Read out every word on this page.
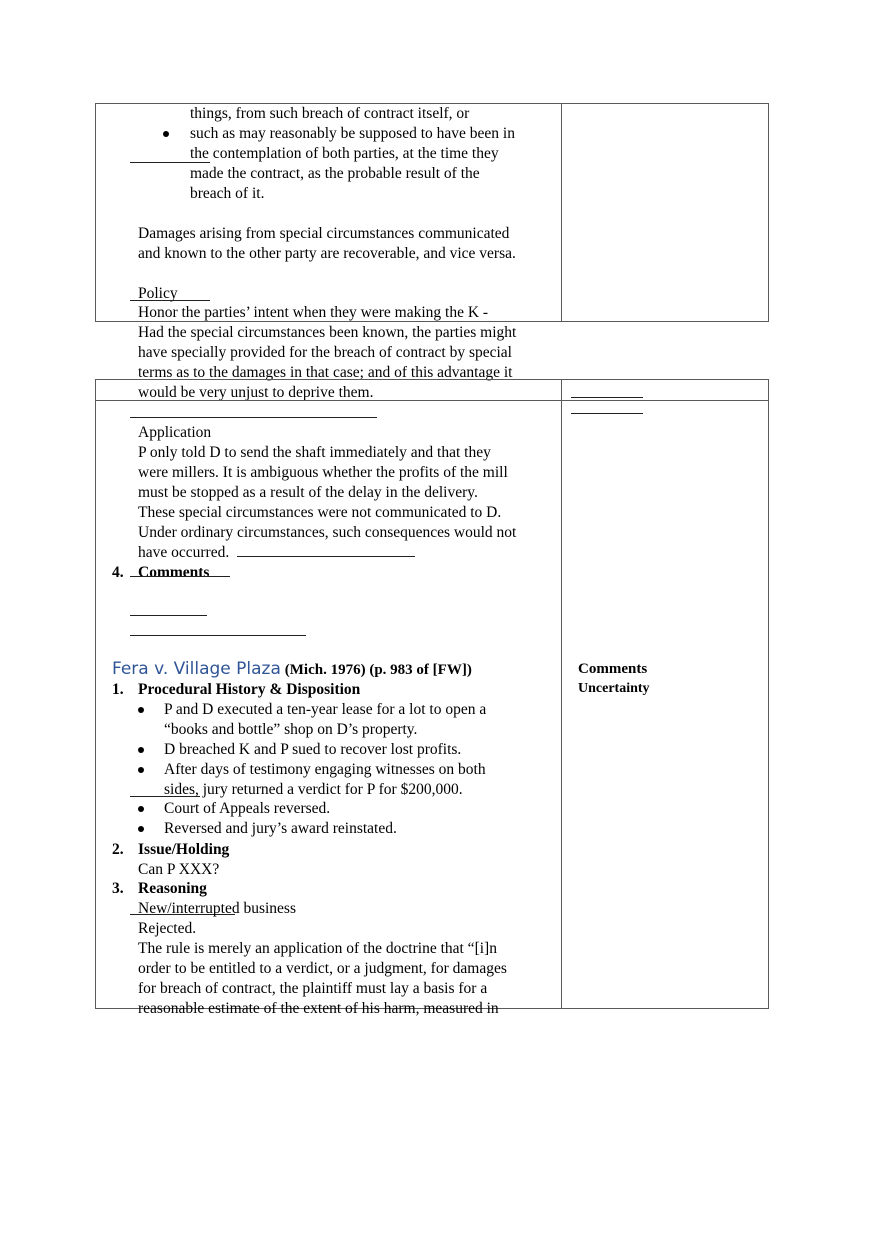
things, from such breach of contract itself, or
such as may reasonably be supposed to have been in
the contemplation of both parties, at the time they
made the contract, as the probable result of the
breach of it.
Damages arising from special circumstances communicated
and known to the other party are recoverable, and vice versa.
Policy
Honor the parties’ intent when they were making the K -
Had the special circumstances been known, the parties might
have specially provided for the breach of contract by special
terms as to the damages in that case; and of this advantage it
would be very unjust to deprive them.
Application
P only told D to send the shaft immediately and that they
were millers. It is ambiguous whether the profits of the mill
must be stopped as a result of the delay in the delivery.
These special circumstances were not communicated to D.
Under ordinary circumstances, such consequences would not
have occurred.
4. Comments
Fera v. Village Plaza (Mich. 1976) (p. 983 of [FW])
1. Procedural History & Disposition
P and D executed a ten-year lease for a lot to open a
“books and bottle” shop on D’s property.
D breached K and P sued to recover lost profits.
After days of testimony engaging witnesses on both
sides, jury returned a verdict for P for $200,000.
Court of Appeals reversed.
Reversed and jury’s award reinstated.
2. Issue/Holding
Can P XXX?
3. Reasoning
New/interrupted business
Rejected.
The rule is merely an application of the doctrine that “[i]n
order to be entitled to a verdict, or a judgment, for damages
for breach of contract, the plaintiff must lay a basis for a
reasonable estimate of the extent of his harm, measured in
Comments
Uncertainty
